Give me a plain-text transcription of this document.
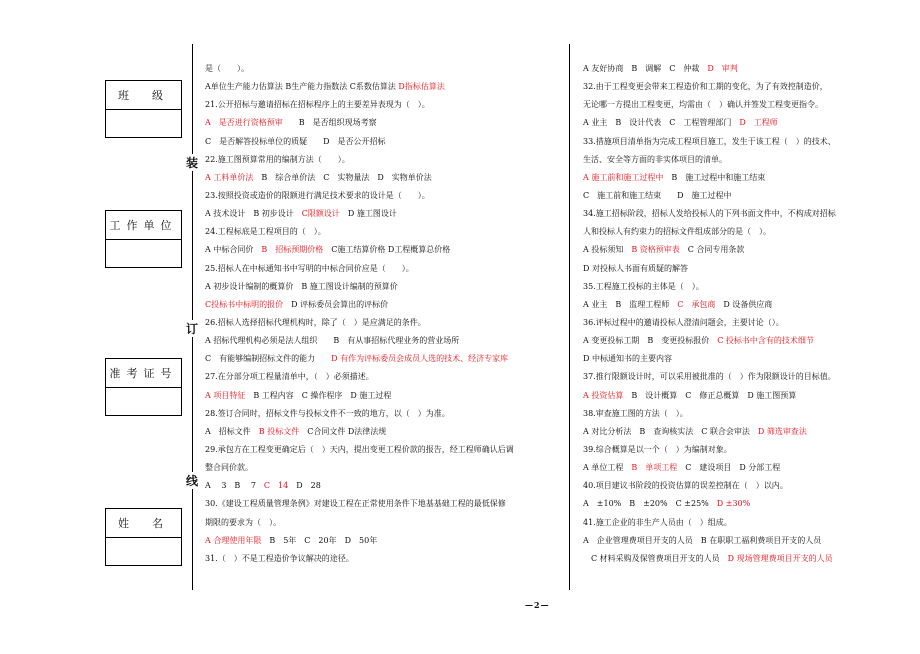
班　级
工作单位
准考证号
姓　名
装
订
线
是（　　）。
A单位生产能力估算法 B生产能力指数法 C系数估算法 D指标估算法
21.公开招标与邀请招标在招标程序上的主要差异表现为（　）。
A　是否进行资格预审　　B　是否组织现场考察
C　是否解答投标单位的质疑　　D　是否公开招标
22.施工图预算常用的编制方法（　　）。
A 工料单价法　B　综合单价法　C　实物量法　D　实物单价法
23.按照投资或造价的限额进行满足技术要求的设计是（　　）。
A 技术设计　B 初步设计　C限额设计　D 施工图设计
24.工程标底是工程项目的（　）。
A 中标合同价　B　招标预期价格　C施工结算价格 D工程概算总价格
25.招标人在中标通知书中写明的中标合同价应是（　　）。
A 初步设计编制的概算价　B 施工图设计编制的预算价
C投标书中标明的报价　D 评标委员会算出的评标价
26.招标人选择招标代理机构时，除了（　）是应满足的条件。
A 招标代理机构必须是法人组织　　B　有从事招标代理业务的营业场所
C　有能够编制招标文件的能力　　D 有作为评标委员会成员人选的技术、经济专家库
27.在分部分项工程量清单中，（　）必须描述。
A 项目特征　B 工程内容　C 操作程序　D 施工过程
28.签订合同时，招标文件与投标文件不一致的地方，以（　）为准。
A　招标文件　B 投标文件　C合同文件 D法律法规
29.承包方在工程变更确定后（　）天内，提出变更工程价款的报告，经工程师确认后调
整合同价款。
A　 3　B　 7　C　14　D　28
30.《建设工程质量管理条例》对建设工程在正常使用条件下地基基础工程的最低保修
期限的要求为（　）。
A 合理使用年限　B　5年　C　20年　D　50年
31.（　）不是工程造价争议解决的途径。
A 友好协商　B　调解　C　仲裁　D　审判
32.由于工程变更会带来工程造价和工期的变化，为了有效控制造价，
无论哪一方提出工程变更，均需由（　）确认并签发工程变更指令。
A 业主　B　设计代表　C　工程管理部门　D　工程师
33.措施项目清单指为完成工程项目施工，发生于该工程（　）的技术、
生活、安全等方面的非实体项目的清单。
A 施工前和施工过程中　B　施工过程中和施工结束
C　施工前和施工结束　　D　施工过程中
34.施工招标阶段，招标人发给投标人的下列书面文件中，不构成对招标
人和投标人有约束力的招标文件组成部分的是（　）。
A 投标须知　B 资格预审表　C 合同专用条款
D 对投标人书面有质疑的解答
35.工程施工投标的主体是（　）。
A 业主　B　监理工程师　C　承包商　D 设备供应商
36.评标过程中的邀请投标人澄清问题会，主要讨论（）。
A 变更投标工期　B　变更投标报价　C 投标书中含有的技术细节
D 中标通知书的主要内容
37.推行限额设计时，可以采用被批准的（　）作为限额设计的目标值。
A 投资估算　B　设计概算　C　修正总概算　D 施工图预算
38.审查施工图的方法（　）。
A 对比分析法　B　查询核实法　C 联合会审法　D 筛选审查法
39.综合概算是以一个（　）为编制对象。
A 单位工程　B　单项工程　C　建设项目　D 分部工程
40.项目建议书阶段的投资估算的误差控制在（　）以内。
A　±10%　B　±20%　C ±25%　D ±30%
41.施工企业的非生产人员由（　）组成。
A　企业管理费项目开支的人员　B 在职职工福利费项目开支的人员
　C 材料采购及保管费项目开支的人员　D 现场管理费项目开支的人员
—2—
